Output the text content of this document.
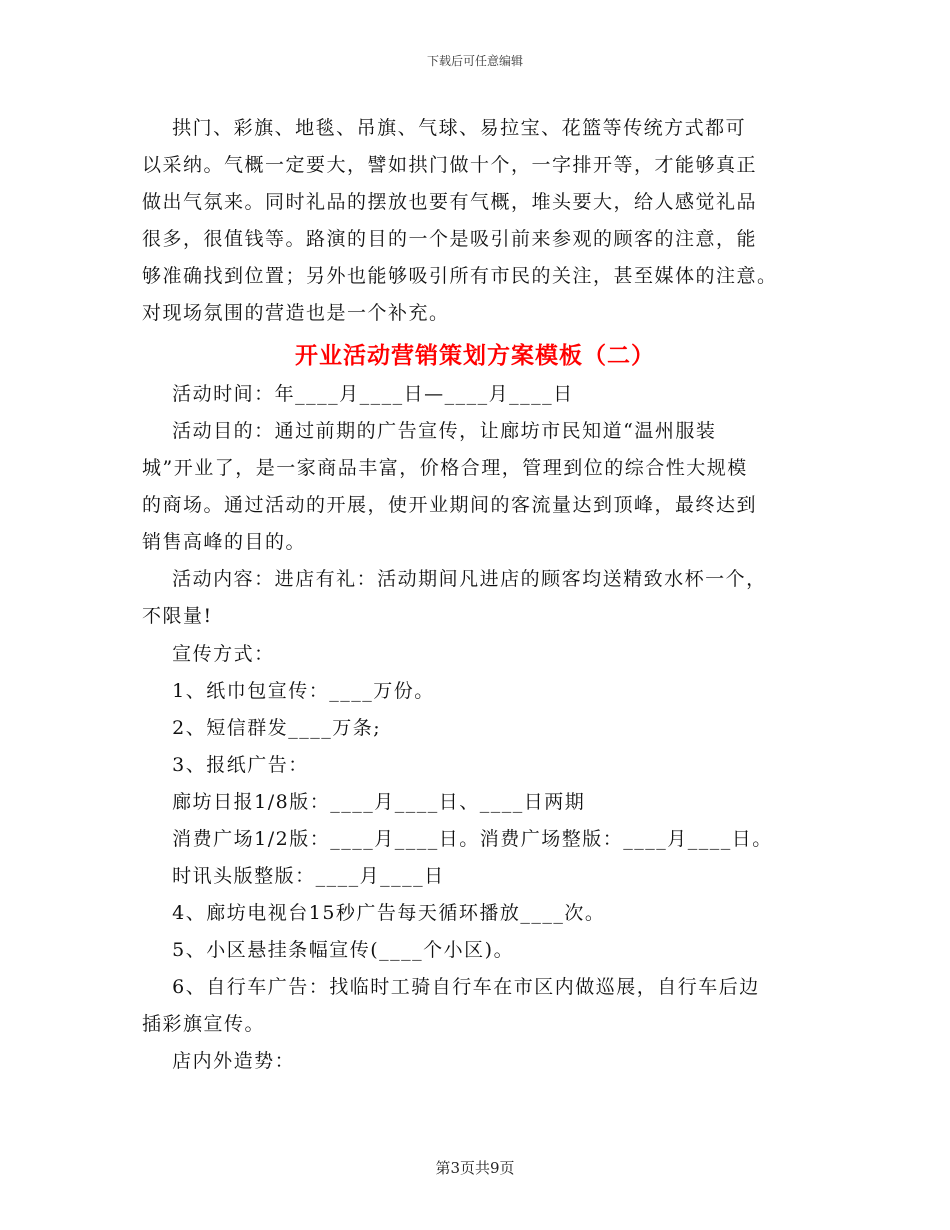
下载后可任意编辑
拱门、彩旗、地毯、吊旗、气球、易拉宝、花篮等传统方式都可
以采纳。气概一定要大，譬如拱门做十个，一字排开等，才能够真正
做出气氛来。同时礼品的摆放也要有气概，堆头要大，给人感觉礼品
很多，很值钱等。路演的目的一个是吸引前来参观的顾客的注意，能
够准确找到位置；另外也能够吸引所有市民的关注，甚至媒体的注意。
对现场氛围的营造也是一个补充。
开业活动营销策划方案模板（二）
活动时间：年____月____日—____月____日
活动目的：通过前期的广告宣传，让廊坊市民知道“温州服装
城”开业了，是一家商品丰富，价格合理，管理到位的综合性大规模
的商场。通过活动的开展，使开业期间的客流量达到顶峰，最终达到
销售高峰的目的。
活动内容：进店有礼：活动期间凡进店的顾客均送精致水杯一个，
不限量!
宣传方式：
1、纸巾包宣传：____万份。
2、短信群发____万条;
3、报纸广告：
廊坊日报1/8版：____月____日、____日两期
消费广场1/2版：____月____日。消费广场整版：____月____日。
时讯头版整版：____月____日
4、廊坊电视台15秒广告每天循环播放____次。
5、小区悬挂条幅宣传(____个小区)。
6、自行车广告：找临时工骑自行车在市区内做巡展，自行车后边
插彩旗宣传。
店内外造势：
第3页共9页
